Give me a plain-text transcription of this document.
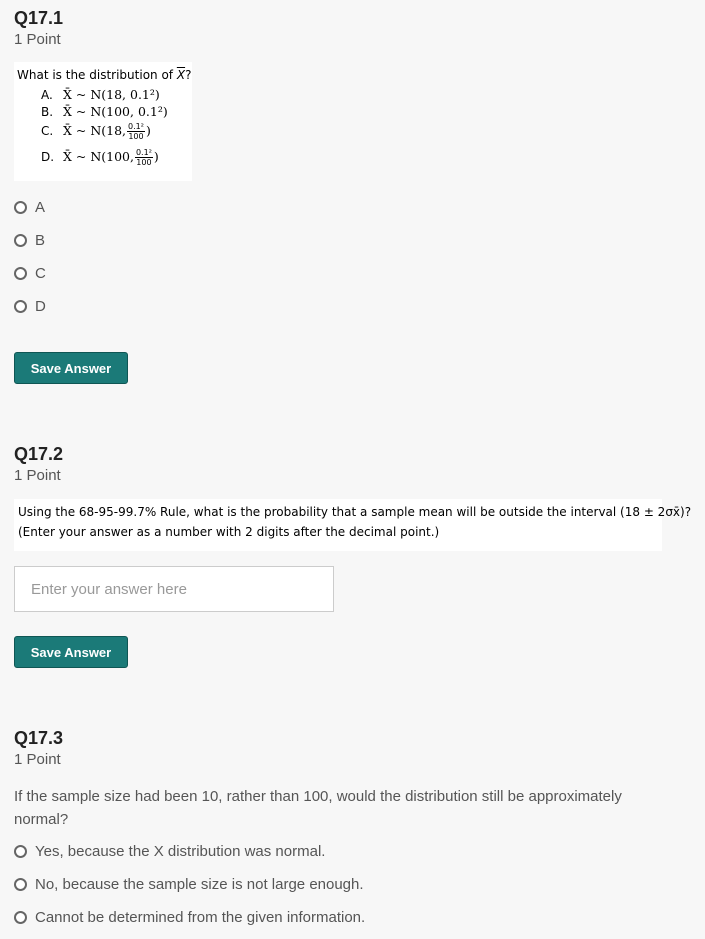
Q17.1
1 Point
What is the distribution of $\overline{X}$?
A. X̄ ~ N(18, 0.1²)
B. X̄ ~ N(100, 0.1²)
C. X̄ ~ N(18, $\frac{\text{0.1²}}{100}$ )
D. X̄ ~ N(100, $\frac{\text{0.1²}}{100}$ )
A
B
C
D
Save Answer
Q17.2
1 Point
Using the 68-95-99.7% Rule, what is the probability that a sample mean will be outside the interval (18 ± 2σx̄)?
(Enter your answer as a number with 2 digits after the decimal point.)
Enter your answer here
Save Answer
Q17.3
1 Point
If the sample size had been 10, rather than 100, would the distribution still be approximately normal?
Yes, because the X distribution was normal.
No, because the sample size is not large enough.
Cannot be determined from the given information.
